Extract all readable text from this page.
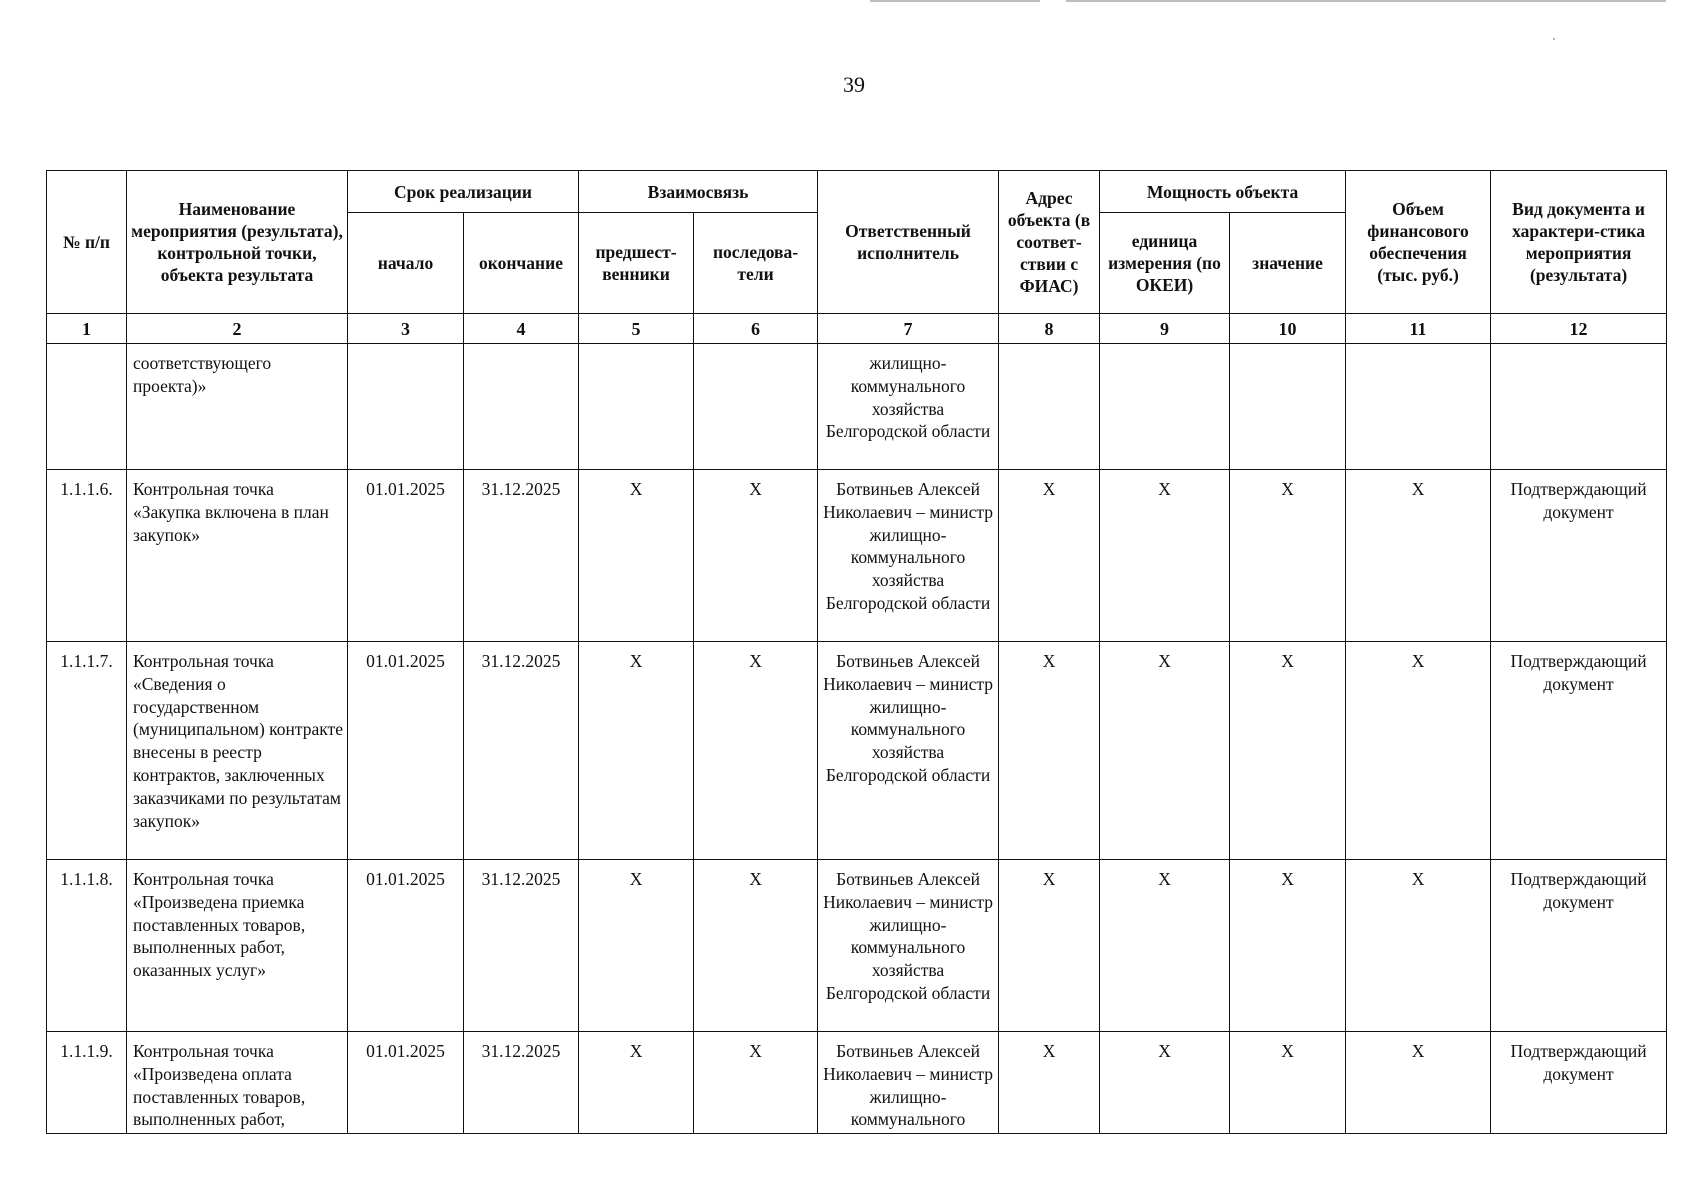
39
№ п/п	Наименование мероприятия (результата), контрольной точки, объекта результата	Срок реализации		Взаимосвязь		Ответственный исполнитель	Адрес объекта (в соответ-ствии с ФИАС)	Мощность объекта		Объем финансового обеспечения (тыс. руб.)	Вид документа и характери-стика мероприятия (результата)
		начало	окончание	предшест-венники	последова-тели			единица измерения (по ОКЕИ)	значение		
1	2	3	4	5	6	7	8	9	10	11	12
	соответствующего проекта)»					жилищно-коммунального хозяйства Белгородской области					
1.1.1.6.	Контрольная точка «Закупка включена в план закупок»	01.01.2025	31.12.2025	X	X	Ботвиньев Алексей Николаевич – министр жилищно-коммунального хозяйства Белгородской области	X	X	X	X	Подтверждающий документ
1.1.1.7.	Контрольная точка «Сведения о государственном (муниципальном) контракте внесены в реестр контрактов, заключенных заказчиками по результатам закупок»	01.01.2025	31.12.2025	X	X	Ботвиньев Алексей Николаевич – министр жилищно-коммунального хозяйства Белгородской области	X	X	X	X	Подтверждающий документ
1.1.1.8.	Контрольная точка «Произведена приемка поставленных товаров, выполненных работ, оказанных услуг»	01.01.2025	31.12.2025	X	X	Ботвиньев Алексей Николаевич – министр жилищно-коммунального хозяйства Белгородской области	X	X	X	X	Подтверждающий документ
1.1.1.9.	Контрольная точка «Произведена оплата поставленных товаров, выполненных работ,	01.01.2025	31.12.2025	X	X	Ботвиньев Алексей Николаевич – министр жилищно-коммунального	X	X	X	X	Подтверждающий документ
